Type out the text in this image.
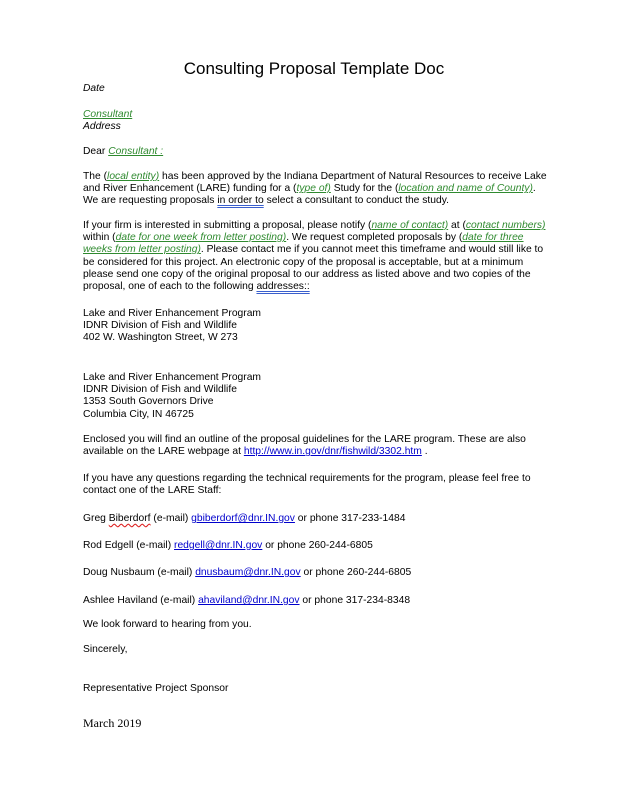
Consulting Proposal Template Doc

Date

Consultant

Address

Dear Consultant :

The (local entity) has been approved by the Indiana Department of Natural Resources to receive Lake and River Enhancement (LARE) funding for a (type of) Study for the (location and name of County). We are requesting proposals in order to select a consultant to conduct the study.

If your firm is interested in submitting a proposal, please notify (name of contact) at (contact numbers) within (date for one week from letter posting). We request completed proposals by (date for three weeks from letter posting). Please contact me if you cannot meet this timeframe and would still like to be considered for this project. An electronic copy of the proposal is acceptable, but at a minimum please send one copy of the original proposal to our address as listed above and two copies of the proposal, one of each to the following addresses::

Lake and River Enhancement Program
IDNR Division of Fish and Wildlife
402 W. Washington Street, W 273
Lake and River Enhancement Program
IDNR Division of Fish and Wildlife
1353 South Governors Drive
Columbia City, IN 46725

Enclosed you will find an outline of the proposal guidelines for the LARE program. These are also available on the LARE webpage at http://www.in.gov/dnr/fishwild/3302.htm .

If you have any questions regarding the technical requirements for the program, please feel free to contact one of the LARE Staff:

Greg Biberdorf (e-mail) gbiberdorf@dnr.IN.gov or phone 317-233-1484

Rod Edgell (e-mail) redgell@dnr.IN.gov or phone 260-244-6805

Doug Nusbaum (e-mail) dnusbaum@dnr.IN.gov or phone 260-244-6805

Ashlee Haviland (e-mail) ahaviland@dnr.IN.gov or phone 317-234-8348

We look forward to hearing from you.

Sincerely,

Representative Project Sponsor

March 2019
